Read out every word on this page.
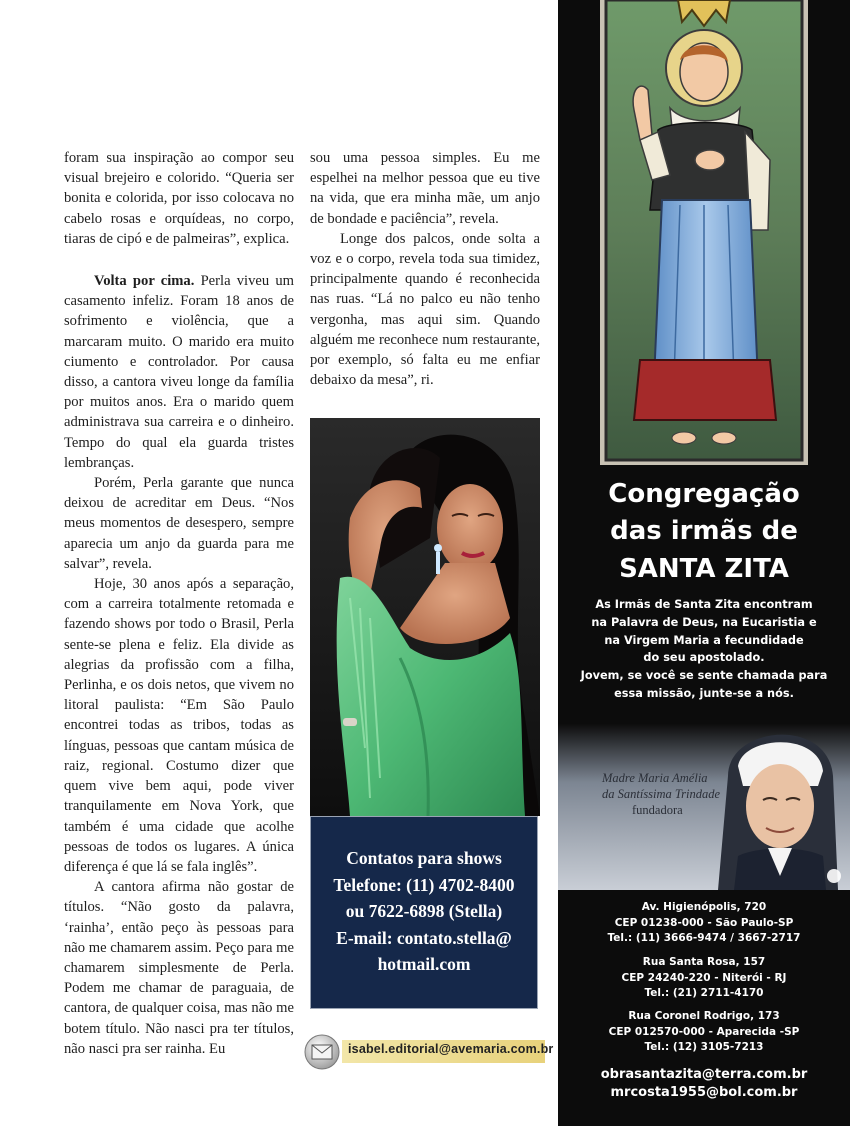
foram sua inspiração ao compor seu visual brejeiro e colorido. “Queria ser bonita e colorida, por isso colocava no cabelo rosas e orquídeas, no corpo, tiaras de cipó e de palmeiras”, explica.

Volta por cima. Perla viveu um casamento infeliz. Foram 18 anos de sofrimento e violência, que a marcaram muito. O marido era muito ciumento e controlador. Por causa disso, a cantora viveu longe da família por muitos anos. Era o marido quem administrava sua carreira e o dinheiro. Tempo do qual ela guarda tristes lembranças.

Porém, Perla garante que nunca deixou de acreditar em Deus. “Nos meus momentos de desespero, sempre aparecia um anjo da guarda para me salvar”, revela.

Hoje, 30 anos após a separação, com a carreira totalmente retomada e fazendo shows por todo o Brasil, Perla sente-se plena e feliz. Ela divide as alegrias da profissão com a filha, Perlinha, e os dois netos, que vivem no litoral paulista: “Em São Paulo encontrei todas as tribos, todas as línguas, pessoas que cantam música de raiz, regional. Costumo dizer que quem vive bem aqui, pode viver tranquilamente em Nova York, que também é uma cidade que acolhe pessoas de todos os lugares. A única diferença é que lá se fala inglês”.

A cantora afirma não gostar de títulos. “Não gosto da palavra, ‘rainha’, então peço às pessoas para não me chamarem assim. Peço para me chamarem simplesmente de Perla. Podem me chamar de paraguaia, de cantora, de qualquer coisa, mas não me botem título. Não nasci pra ter títulos, não nasci pra ser rainha. Eu

sou uma pessoa simples. Eu me espelhei na melhor pessoa que eu tive na vida, que era minha mãe, um anjo de bondade e paciência”, revela.

Longe dos palcos, onde solta a voz e o corpo, revela toda sua timidez, principalmente quando é reconhecida nas ruas. “Lá no palco eu não tenho vergonha, mas aqui sim. Quando alguém me reconhece num restaurante, por exemplo, só falta eu me enfiar debaixo da mesa”, ri.

Contatos para shows
Telefone: (11) 4702-8400
ou 7622-6898 (Stella)
E-mail: contato.stella@
hotmail.com
isabel.editorial@avemaria.com.br
Congregação
das irmãs de
SANTA ZITA
As Irmãs de Santa Zita encontram
na Palavra de Deus, na Eucaristia e
na Virgem Maria a fecundidade
do seu apostolado.
Jovem, se você se sente chamada para
essa missão, junte-se a nós.
Madre Maria Amélia
da Santíssima Trindade
fundadora
Av. Higienópolis, 720
CEP 01238-000 - São Paulo-SP
Tel.: (11) 3666-9474 / 3667-2717
Rua Santa Rosa, 157
CEP 24240-220 - Niterói - RJ
Tel.: (21) 2711-4170
Rua Coronel Rodrigo, 173
CEP 012570-000 - Aparecida -SP
Tel.: (12) 3105-7213
obrasantazita@terra.com.br
mrcosta1955@bol.com.br
